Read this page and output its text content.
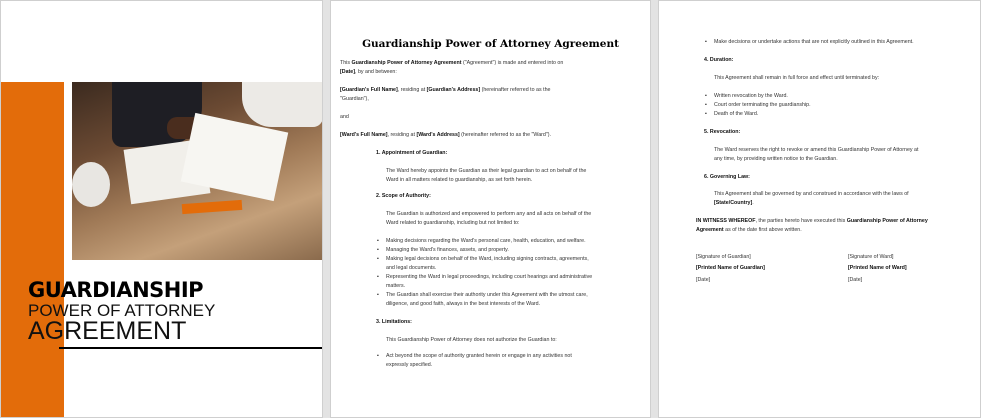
GUARDIANSHIP
POWER OF ATTORNEY
AGREEMENT
Guardianship Power of Attorney Agreement
This Guardianship Power of Attorney Agreement ("Agreement") is made and entered into on
[Date], by and between:
[Guardian's Full Name], residing at [Guardian's Address] (hereinafter referred to as the
"Guardian"),
and
[Ward's Full Name], residing at [Ward's Address] (hereinafter referred to as the "Ward").
1. Appointment of Guardian:
The Ward hereby appoints the Guardian as their legal guardian to act on behalf of the
Ward in all matters related to guardianship, as set forth herein.
2. Scope of Authority:
The Guardian is authorized and empowered to perform any and all acts on behalf of the
Ward related to guardianship, including but not limited to:
▪ Making decisions regarding the Ward's personal care, health, education, and welfare.
▪ Managing the Ward's finances, assets, and property.
▪ Making legal decisions on behalf of the Ward, including signing contracts, agreements,
and legal documents.
▪ Representing the Ward in legal proceedings, including court hearings and administrative
matters.
▪ The Guardian shall exercise their authority under this Agreement with the utmost care,
diligence, and good faith, always in the best interests of the Ward.
3. Limitations:
This Guardianship Power of Attorney does not authorize the Guardian to:
▪ Act beyond the scope of authority granted herein or engage in any activities not
expressly specified.
▪ Make decisions or undertake actions that are not explicitly outlined in this Agreement.
4. Duration:
This Agreement shall remain in full force and effect until terminated by:
▪ Written revocation by the Ward.
▪ Court order terminating the guardianship.
▪ Death of the Ward.
5. Revocation:
The Ward reserves the right to revoke or amend this Guardianship Power of Attorney at
any time, by providing written notice to the Guardian.
6. Governing Law:
This Agreement shall be governed by and construed in accordance with the laws of
[State/Country].
IN WITNESS WHEREOF, the parties hereto have executed this Guardianship Power of Attorney
Agreement as of the date first above written.
[Signature of Guardian]
[Printed Name of Guardian]
[Date]
[Signature of Ward]
[Printed Name of Ward]
[Date]
